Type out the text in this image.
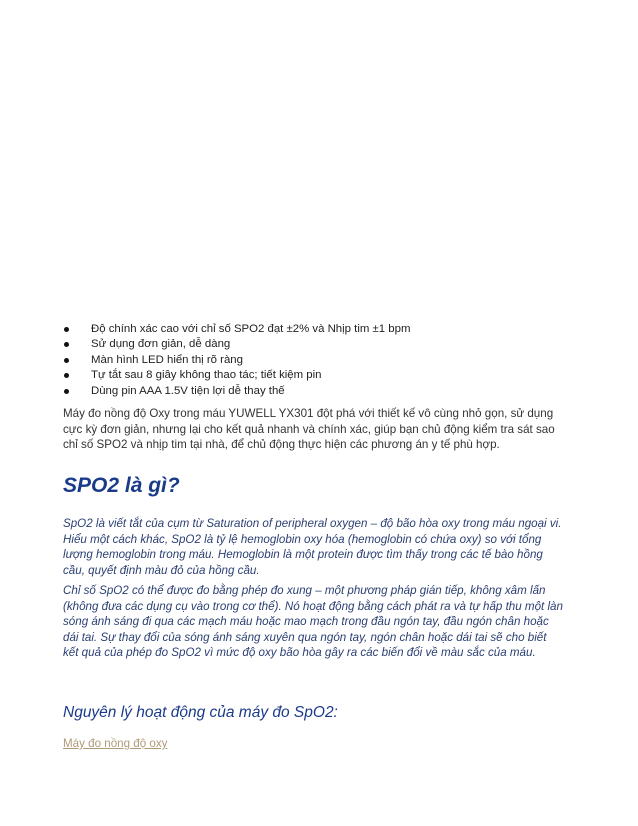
Độ chính xác cao với chỉ số SPO2 đạt ±2% và Nhịp tim ±1 bpm
Sử dụng đơn giản, dễ dàng
Màn hình LED hiển thị rõ ràng
Tự tắt sau 8 giây không thao tác; tiết kiệm pin
Dùng pin AAA 1.5V tiện lợi dễ thay thế

Máy đo nồng độ Oxy trong máu YUWELL YX301 đột phá với thiết kế vô cùng nhỏ gọn, sử dụng cực kỳ đơn giản, nhưng lại cho kết quả nhanh và chính xác, giúp bạn chủ động kiểm tra sát sao chỉ số SPO2 và nhịp tim tại nhà, để chủ động thực hiện các phương án y tế phù hợp.

SPO2 là gì?

SpO2 là viết tắt của cụm từ Saturation of peripheral oxygen – độ bão hòa oxy trong máu ngoại vi. Hiểu một cách khác, SpO2 là tỷ lệ hemoglobin oxy hóa (hemoglobin có chứa oxy) so với tổng lượng hemoglobin trong máu. Hemoglobin là một protein được tìm thấy trong các tế bào hồng cầu, quyết định màu đỏ của hồng cầu.

Chỉ số SpO2 có thể được đo bằng phép đo xung – một phương pháp gián tiếp, không xâm lấn (không đưa các dụng cụ vào trong cơ thể). Nó hoạt động bằng cách phát ra và tự hấp thu một làn sóng ánh sáng đi qua các mạch máu hoặc mao mạch trong đầu ngón tay, đầu ngón chân hoặc dái tai. Sự thay đổi của sóng ánh sáng xuyên qua ngón tay, ngón chân hoặc dái tai sẽ cho biết kết quả của phép đo SpO2 vì mức độ oxy bão hòa gây ra các biến đổi về màu sắc của máu.

Nguyên lý hoạt động của máy đo SpO2:
Máy đo nồng độ oxy
